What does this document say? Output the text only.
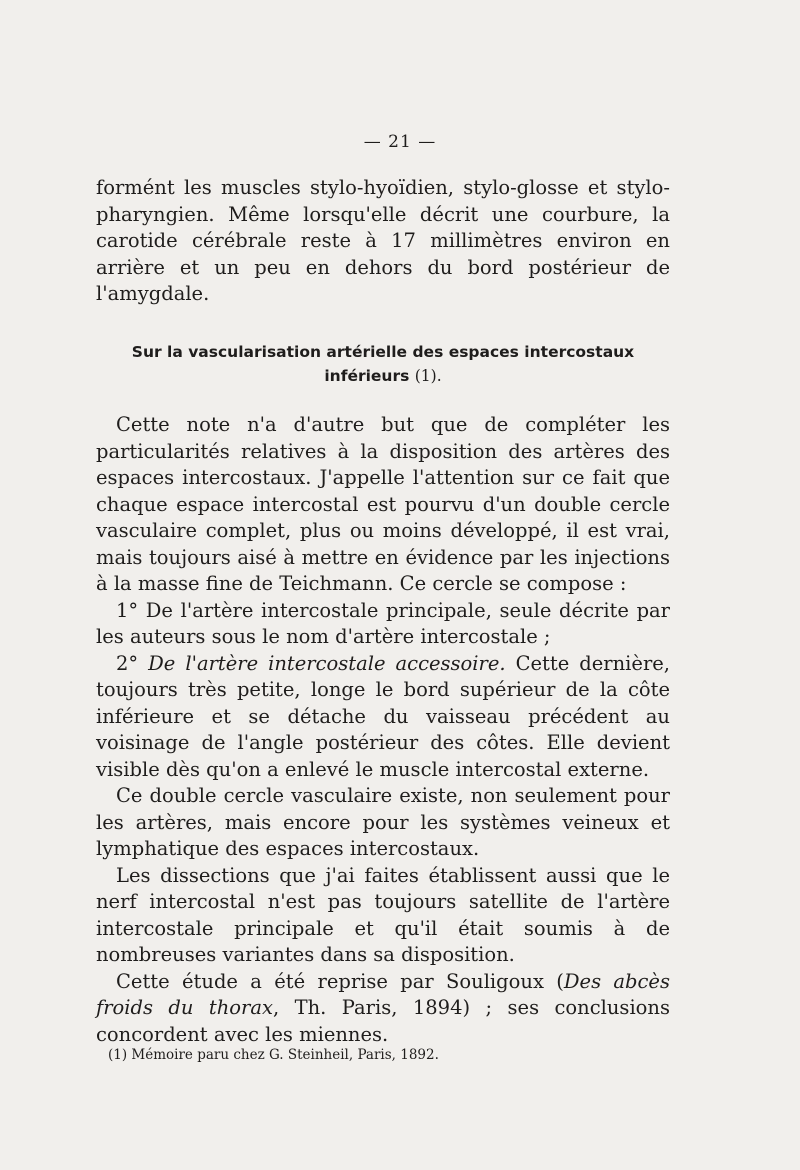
— 21 —

formént les muscles stylo-hyoïdien, stylo-glosse et stylo-pharyngien. Même lorsqu'elle décrit une courbure, la carotide cérébrale reste à 17 millimètres environ en arrière et un peu en dehors du bord postérieur de l'amygdale.

Sur la vascularisation artérielle des espaces intercostaux
inférieurs (1).

Cette note n'a d'autre but que de compléter les particularités relatives à la disposition des artères des espaces intercostaux. J'appelle l'attention sur ce fait que chaque espace intercostal est pourvu d'un double cercle vasculaire complet, plus ou moins développé, il est vrai, mais toujours aisé à mettre en évidence par les injections à la masse fine de Teichmann. Ce cercle se compose :

1° De l'artère intercostale principale, seule décrite par les auteurs sous le nom d'artère intercostale ;

2° De l'artère intercostale accessoire. Cette dernière, toujours très petite, longe le bord supérieur de la côte inférieure et se détache du vaisseau précédent au voisinage de l'angle postérieur des côtes. Elle devient visible dès qu'on a enlevé le muscle intercostal externe.

Ce double cercle vasculaire existe, non seulement pour les artères, mais encore pour les systèmes veineux et lymphatique des espaces intercostaux.

Les dissections que j'ai faites établissent aussi que le nerf intercostal n'est pas toujours satellite de l'artère intercostale principale et qu'il était soumis à de nombreuses variantes dans sa disposition.

Cette étude a été reprise par Souligoux (Des abcès froids du thorax, Th. Paris, 1894) ; ses conclusions concordent avec les miennes.

(1) Mémoire paru chez G. Steinheil, Paris, 1892.
